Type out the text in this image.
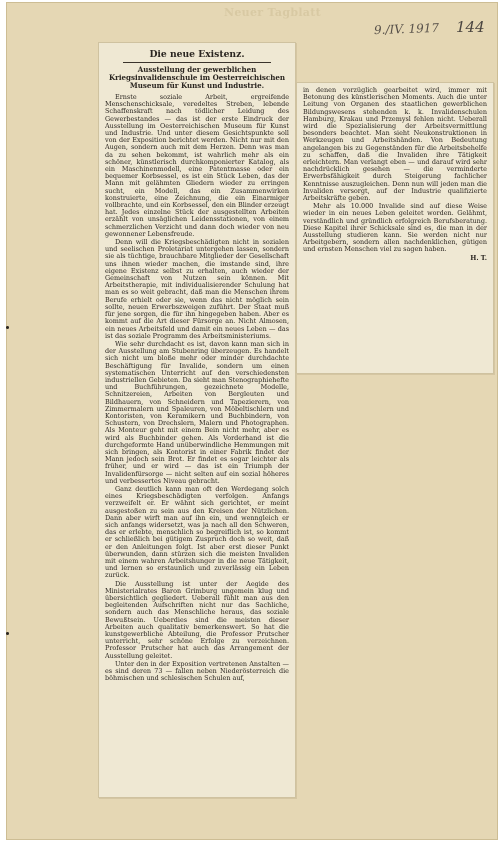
Neuer Tagblatt
9./IV. 1917 144
Die neue Existenz.
Ausstellung der gewerblichen Kriegsinvalidenschule im Oesterreichischen Museum für Kunst und Industrie.

Ernste soziale Arbeit, ergreifende Menschenschicksale, veredeltes Streben, lebende Schaffenskraft nach tödlicher Leidung des Gewerbestandes — das ist der erste Eindruck der Ausstellung im Oesterreichischen Museum für Kunst und Industrie. Und unter diesem Gesichtspunkte soll von der Exposition berichtet werden. Nicht nur mit den Augen, sondern auch mit dem Herzen. Denn was man da zu sehen bekommt, ist wahrlich mehr als ein schöner, künstlerisch durchkomponierter Katalog, als ein Maschinenmodell, eine Patentmasse oder ein bequemer Korbsessel, es ist ein Stück Leben, das der Mann mit gelähmten Gliedern wieder zu erringen sucht, ein Modell, das ein Zusammenwirken konstruierte, eine Zeichnung, die ein Einarmiger vollbrachte, und ein Korbsessel, den ein Blinder erzeugt hat. Jedes einzelne Stück der ausgestellten Arbeiten erzählt von unsäglichen Leidensstationen, von einem schmerzlichen Verzicht und dann doch wieder von neu gewonnener Lebensfreude.

Denn will die Kriegsbeschädigten nicht in sozialen und seelischen Proletariat untergehen lassen, sondern sie als tüchtige, brauchbare Mitglieder der Gesellschaft uns ihnen wieder machen, die imstande sind, ihre eigene Existenz selbst zu erhalten, auch wieder der Gemeinschaft von Nutzen sein können. Mit Arbeitstherapie, mit individualisierender Schulung hat man es so weit gebracht, daß man die Menschen ihrem Berufe erhielt oder sie, wenn das nicht möglich sein sollte, neuen Erwerbszweigen zuführt. Der Staat muß für jene sorgen, die für ihn hingegeben haben. Aber es kommt auf die Art dieser Fürsorge an. Nicht Almosen, ein neues Arbeitsfeld und damit ein neues Leben — das ist das soziale Programm des Arbeitsministeriums.

Wie sehr durchdacht es ist, davon kann man sich in der Ausstellung am Stubenring überzeugen. Es handelt sich nicht um bloße mehr oder minder durchdachte Beschäftigung für Invalide, sondern um einen systematischen Unterricht auf den verschiedensten industriellen Gebieten. Da sieht man Stenographiehefte und Buchführungen, gezeichnete Modelle, Schnitzereien, Arbeiten von Bergleuten und Bildhauern, von Schneidern und Tapezierern, von Zimmermalern und Spaleuren, von Möbeltischlern und Kontoristen, von Keramikern und Buchbindern, von Schustern, von Drechslern, Malern und Photographen. Als Monteur geht mit einem Bein nicht mehr, aber es wird als Buchbinder gehen. Als Vorderhand ist die durchgeformte Hand unüberwindliche Hemmungen mit sich bringen, als Kontorist in einer Fabrik findet der Mann jedoch sein Brot. Er findet es sogar leichter als früher, und er wird — das ist ein Triumph der Invalidenfürsorge — nicht selten auf ein sozial höheres und verbessertes Niveau gebracht.

Ganz deutlich kann man oft den Werdegang solch eines Kriegsbeschädigten verfolgen. Anfangs verzweifelt er. Er wähnt sich gerichtet, er meint ausgestoßen zu sein aus den Kreisen der Nützlichen. Dann aber wirft man auf ihn ein, und wenngleich er sich anfangs widersetzt, was ja nach all den Schweren, das er erlebte, menschlich so begreiflich ist, so kommt er schließlich bei gütigem Zuspruch doch so weit, daß er den Anleitungen folgt. Ist aber erst dieser Punkt überwunden, dann stürzen sich die meisten Invaliden mit einem wahren Arbeitshunger in die neue Tätigkeit, und lernen so erstaunlich und zuverlässig ein Leben zurück.

Die Ausstellung ist unter der Aegide des Ministerialrates Baron Grimburg ungemein klug und übersichtlich gegliedert. Ueberall fühlt man aus den begleitenden Aufschriften nicht nur das Sachliche, sondern auch das Menschliche heraus, das soziale Bewußtsein. Ueberdies sind die meisten dieser Arbeiten auch qualitativ bemerkenswert. So hat die kunstgewerbliche Abteilung, die Professor Prutscher unterricht, sehr schöne Erfolge zu verzeichnen. Professor Prutscher hat auch das Arrangement der Ausstellung geleitet.

Unter den in der Exposition vertretenen Anstalten — es sind deren 73 — fallen neben Niederösterreich die böhmischen und schlesischen Schulen auf,

in denen vorzüglich gearbeitet wird, immer mit Betonung des künstlerischen Moments. Auch die unter Leitung von Organen des staatlichen gewerblichen Bildungswesens stehenden k. k. Invalidenschulen Hamburg, Krakau und Przemysl fehlen nicht. Ueberall wird die Spezialisierung der Arbeitsvermittlung besonders beachtet. Man sieht Neukonstruktionen in Werkzeugen und Arbeitshänden. Von Bedeutung angelangen bis zu Gegenständen für die Arbeitsbehelfe zu schaffen, daß die Invaliden ihre Tätigkeit erleichtern. Man verlangt eben — und darauf wird sehr nachdrücklich gesehen — die verminderte Erwerbsfähigkeit durch Steigerung fachlicher Kenntnisse auszugleichen. Denn nun will jeden man die Invaliden versorgt, auf der Industrie qualifizierte Arbeitskräfte geben.

Mehr als 10.000 Invalide sind auf diese Weise wieder in ein neues Leben geleitet worden. Gelähmt, verständlich und gründlich erfolgreich Berufsberatung. Diese Kapitel ihrer Schicksale sind es, die man in der Ausstellung studieren kann. Sie werden nicht nur Arbeitgebern, sondern allen nachdenklichen, gütigen und ernsten Menschen viel zu sagen haben.

H. T.
